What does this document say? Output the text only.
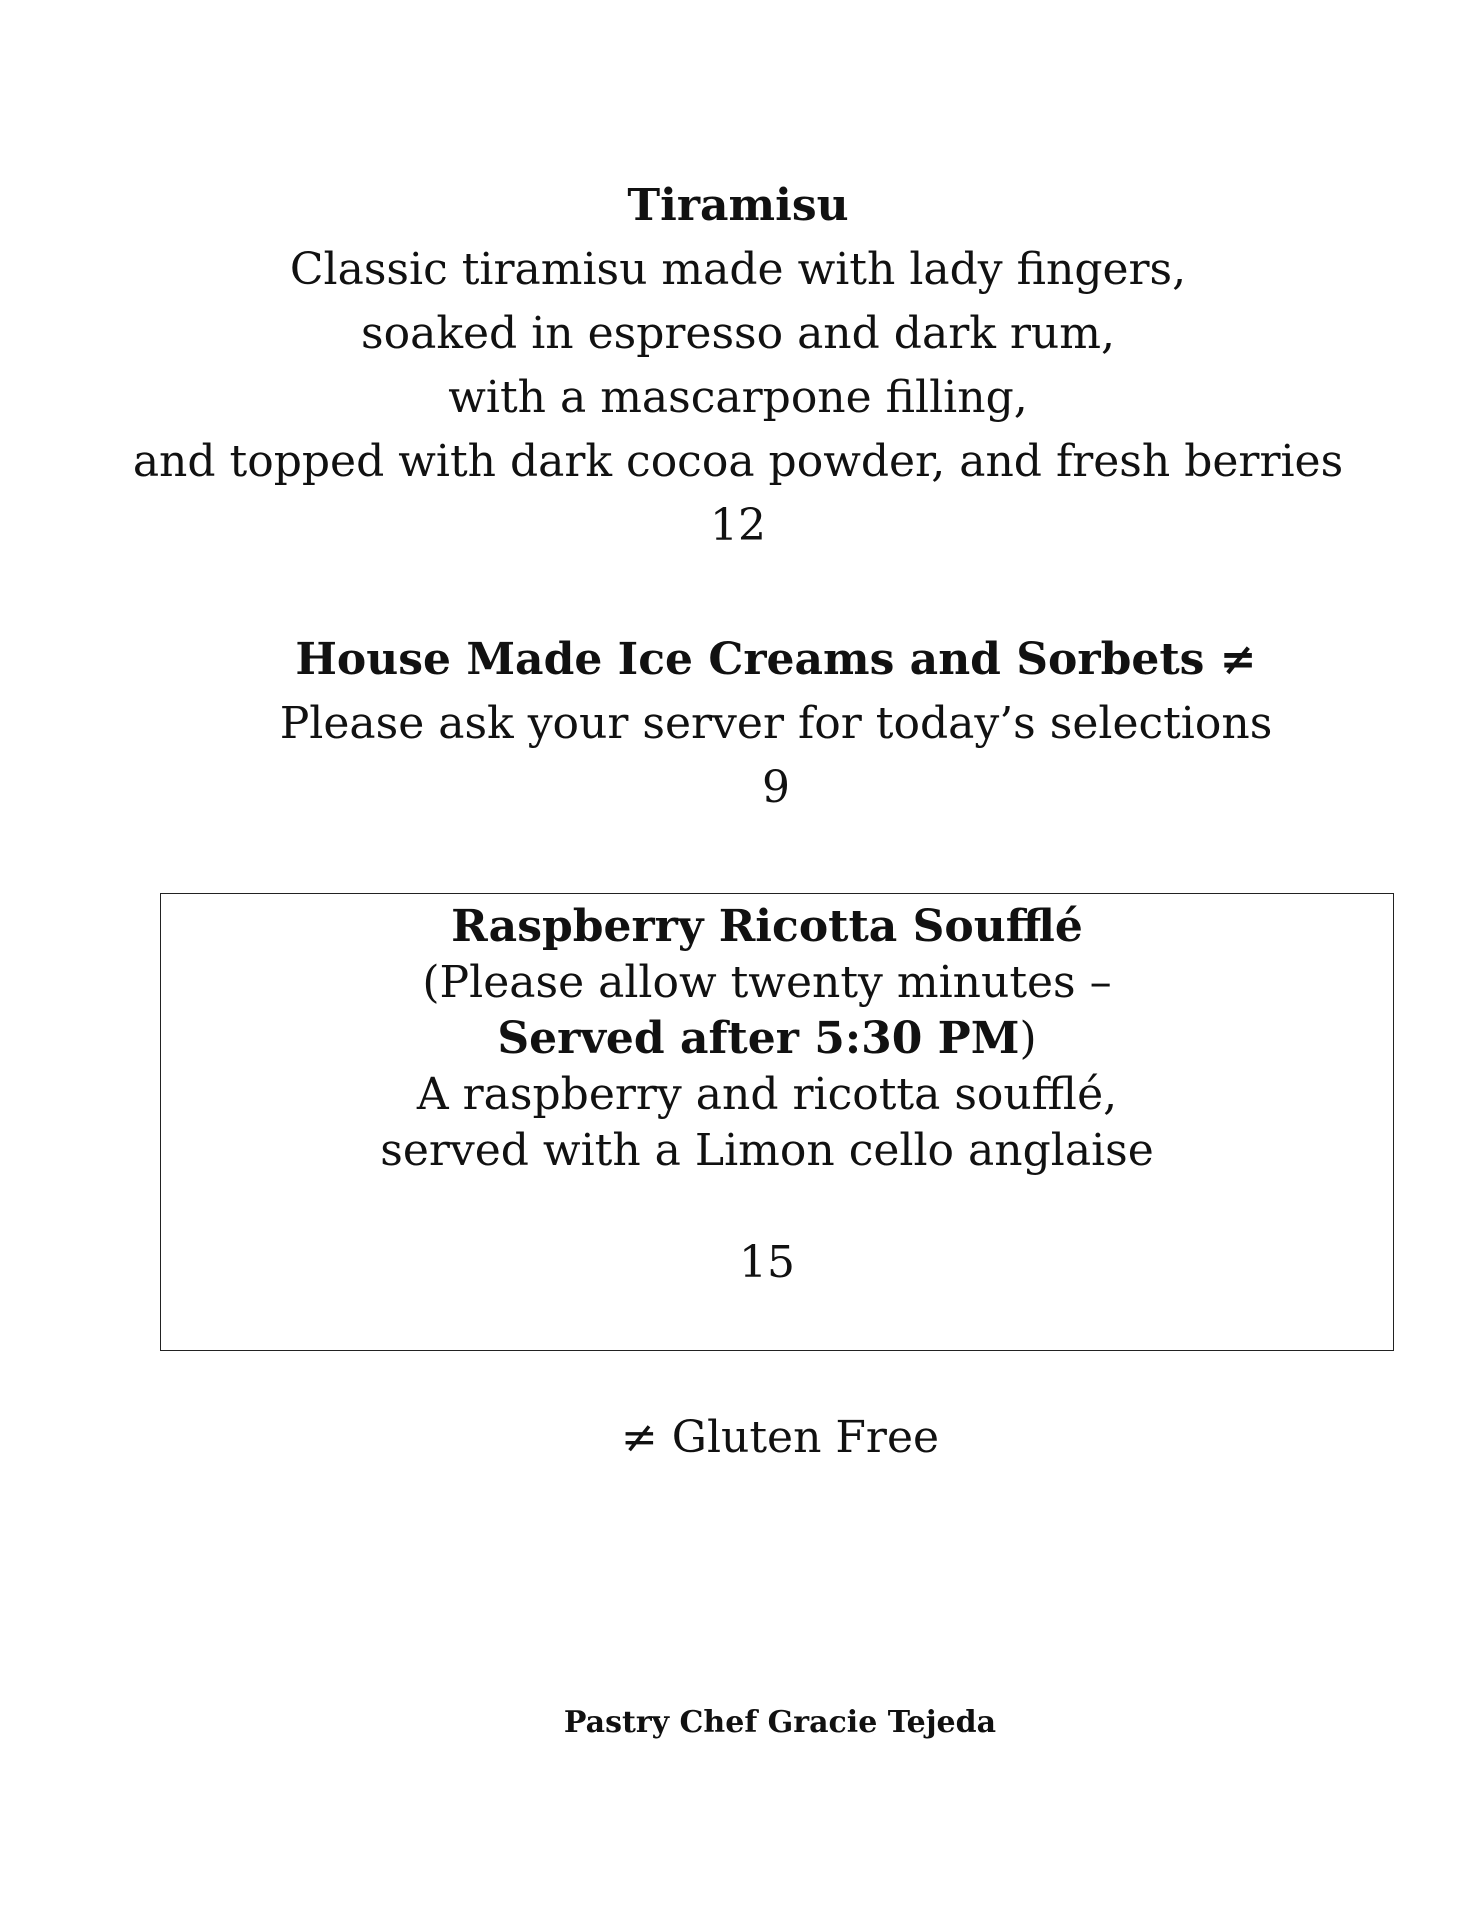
Tiramisu
Classic tiramisu made with lady fingers,
soaked in espresso and dark rum,
with a mascarpone filling,
and topped with dark cocoa powder, and fresh berries
12
House Made Ice Creams and Sorbets ≠
Please ask your server for today’s selections
9
Raspberry Ricotta Soufflé
(Please allow twenty minutes –
Served after 5:30 PM)
A raspberry and ricotta soufflé,
served with a Limon cello anglaise
15
≠ Gluten Free
Pastry Chef Gracie Tejeda
